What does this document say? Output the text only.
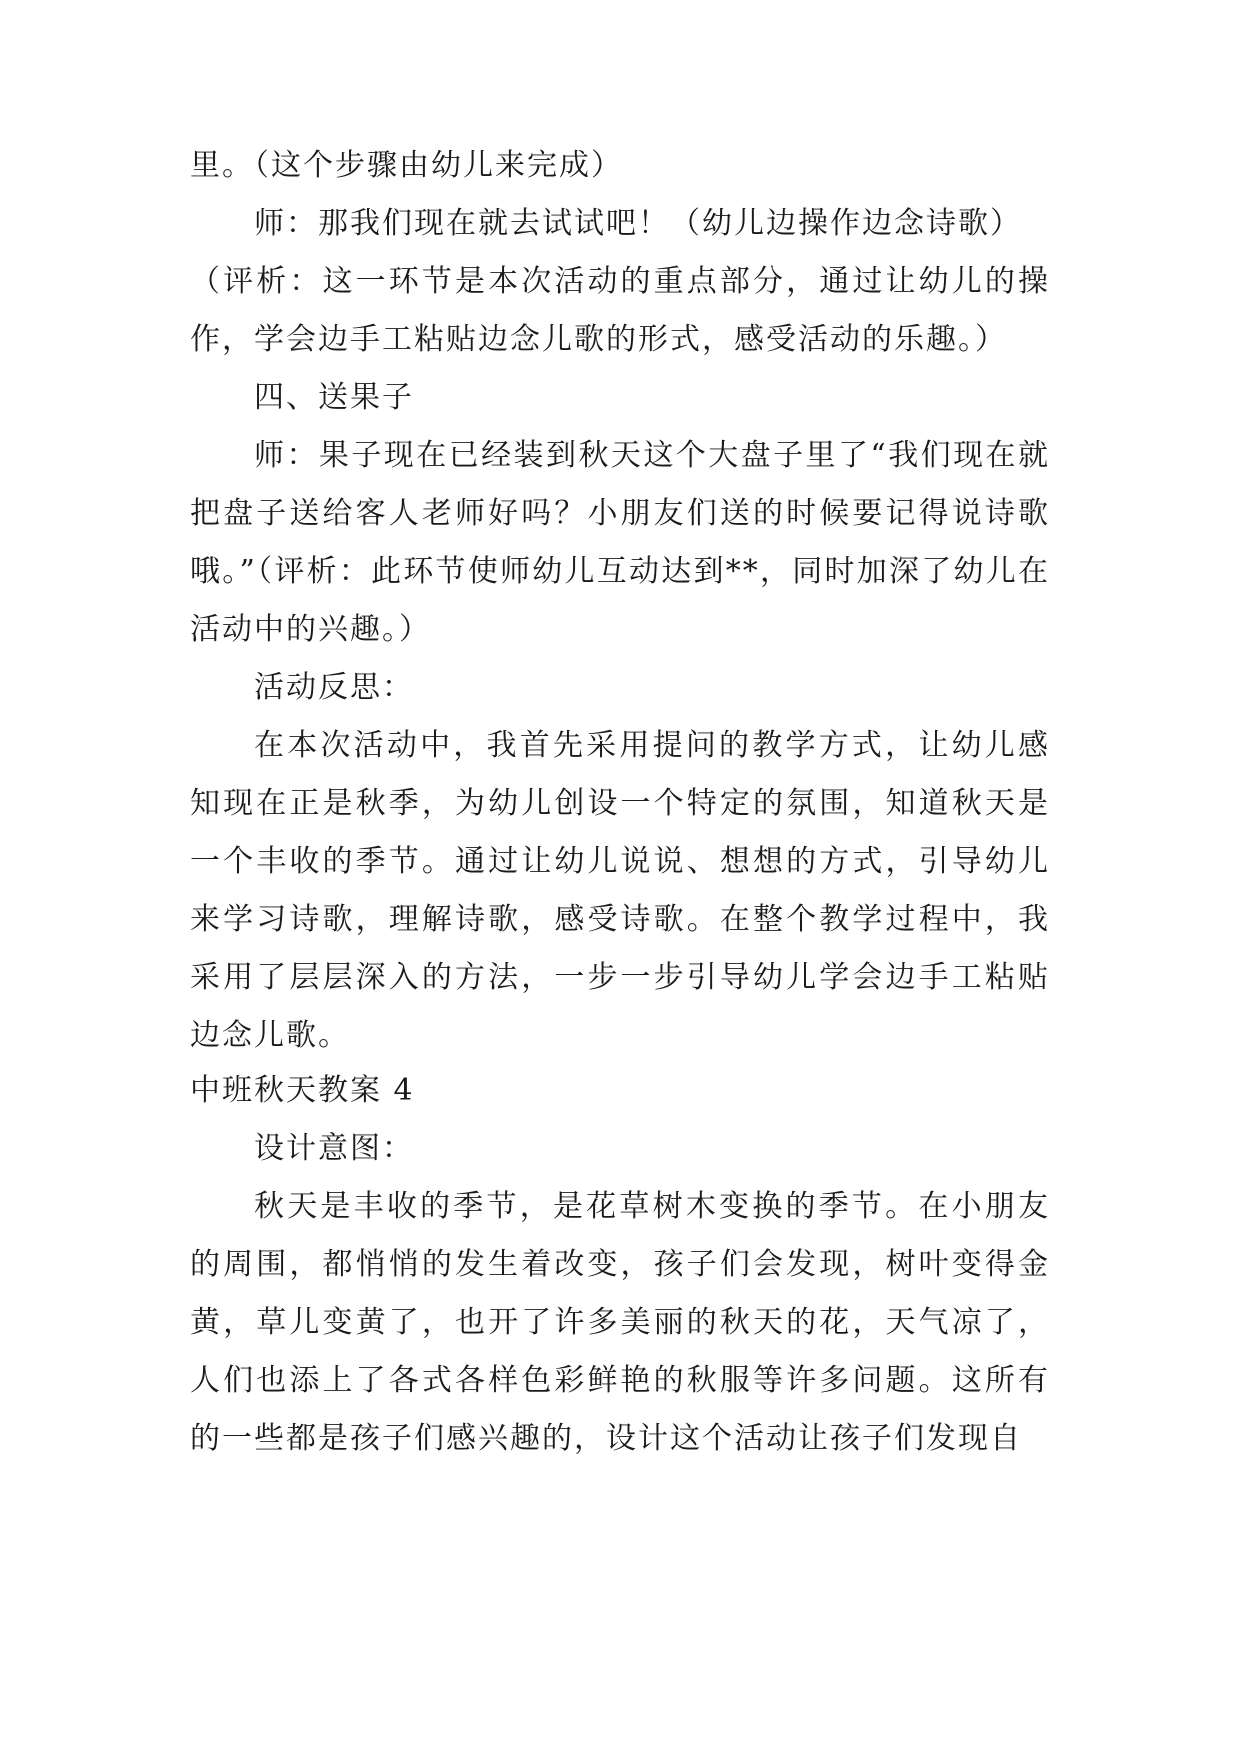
里。（这个步骤由幼儿来完成）
师：那我们现在就去试试吧！（幼儿边操作边念诗歌）
（评析：这一环节是本次活动的重点部分，通过让幼儿的操作，学会边手工粘贴边念儿歌的形式，感受活动的乐趣。）
四、送果子
师：果子现在已经装到秋天这个大盘子里了“我们现在就把盘子送给客人老师好吗？小朋友们送的时候要记得说诗歌哦。”（评析：此环节使师幼儿互动达到**，同时加深了幼儿在活动中的兴趣。）
活动反思：
在本次活动中，我首先采用提问的教学方式，让幼儿感知现在正是秋季，为幼儿创设一个特定的氛围，知道秋天是一个丰收的季节。通过让幼儿说说、想想的方式，引导幼儿来学习诗歌，理解诗歌，感受诗歌。在整个教学过程中，我采用了层层深入的方法，一步一步引导幼儿学会边手工粘贴边念儿歌。
中班秋天教案 4
设计意图：
秋天是丰收的季节，是花草树木变换的季节。在小朋友的周围，都悄悄的发生着改变，孩子们会发现，树叶变得金黄，草儿变黄了，也开了许多美丽的秋天的花，天气凉了，人们也添上了各式各样色彩鲜艳的秋服等许多问题。这所有的一些都是孩子们感兴趣的，设计这个活动让孩子们发现自
